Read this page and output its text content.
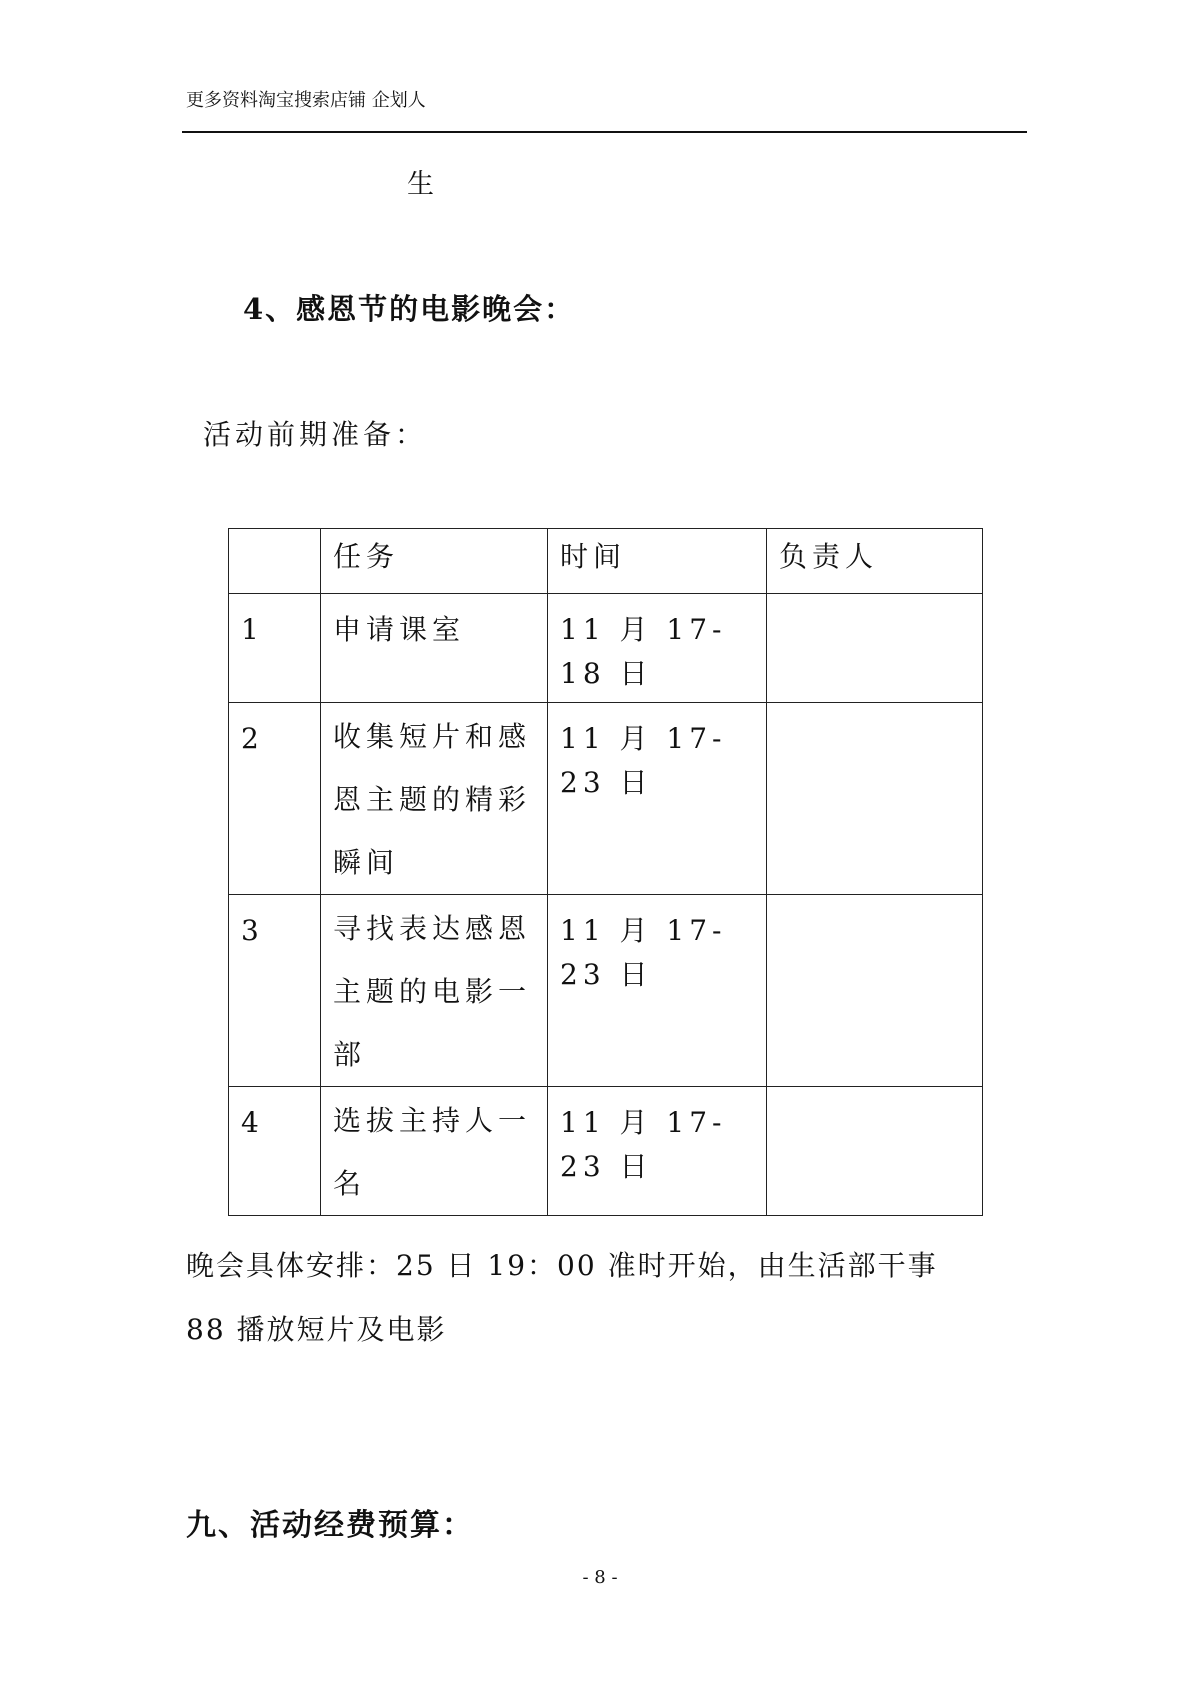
更多资料淘宝搜索店铺 企划人
生
4、感恩节的电影晚会：
活动前期准备：
	任务	时间	负责人
1	申请课室	11 月 17-18 日	
2	收集短片和感恩主题的精彩瞬间	11 月 17-23 日	
3	寻找表达感恩主题的电影一部	11 月 17-23 日	
4	选拔主持人一名	11 月 17-23 日	
晚会具体安排：25 日 19：00 准时开始，由生活部干事
88 播放短片及电影
九、活动经费预算：
- 8 -
